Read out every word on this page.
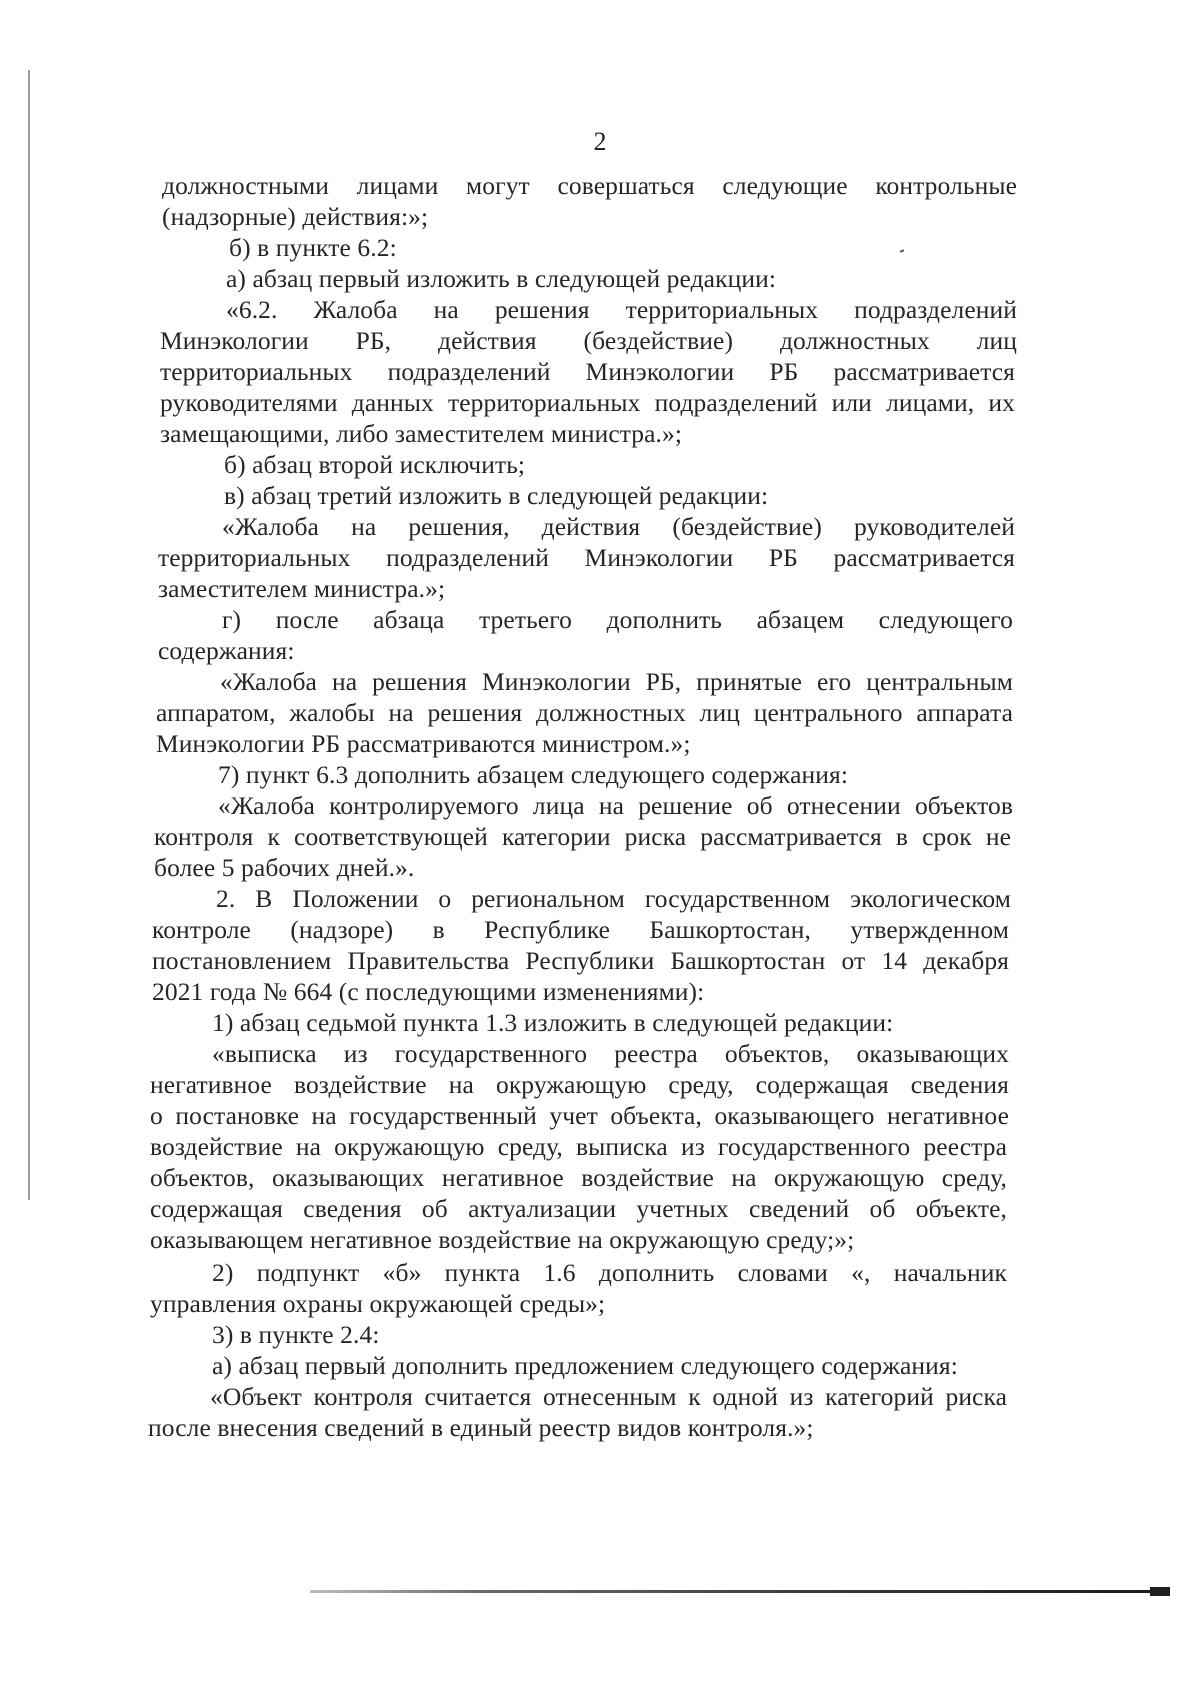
2
должностными лицами могут совершаться следующие контрольные
(надзорные) действия:»;
б) в пункте 6.2:
а) абзац первый изложить в следующей редакции:
«6.2. Жалоба на решения территориальных подразделений
Минэкологии РБ, действия (бездействие) должностных лиц
территориальных подразделений Минэкологии РБ рассматривается
руководителями данных территориальных подразделений или лицами, их
замещающими, либо заместителем министра.»;
б) абзац второй исключить;
в) абзац третий изложить в следующей редакции:
«Жалоба на решения, действия (бездействие) руководителей
территориальных подразделений Минэкологии РБ рассматривается
заместителем министра.»;
г) после абзаца третьего дополнить абзацем следующего
содержания:
«Жалоба на решения Минэкологии РБ, принятые его центральным
аппаратом, жалобы на решения должностных лиц центрального аппарата
Минэкологии РБ рассматриваются министром.»;
7) пункт 6.3 дополнить абзацем следующего содержания:
«Жалоба контролируемого лица на решение об отнесении объектов
контроля к соответствующей категории риска рассматривается в срок не
более 5 рабочих дней.».
2. В Положении о региональном государственном экологическом
контроле (надзоре) в Республике Башкортостан, утвержденном
постановлением Правительства Республики Башкортостан от 14 декабря
2021 года № 664 (с последующими изменениями):
1) абзац седьмой пункта 1.3 изложить в следующей редакции:
«выписка из государственного реестра объектов, оказывающих
негативное воздействие на окружающую среду, содержащая сведения
о постановке на государственный учет объекта, оказывающего негативное
воздействие на окружающую среду, выписка из государственного реестра
объектов, оказывающих негативное воздействие на окружающую среду,
содержащая сведения об актуализации учетных сведений об объекте,
оказывающем негативное воздействие на окружающую среду;»;
2) подпункт «б» пункта 1.6 дополнить словами «, начальник
управления охраны окружающей среды»;
3) в пункте 2.4:
а) абзац первый дополнить предложением следующего содержания:
«Объект контроля считается отнесенным к одной из категорий риска
после внесения сведений в единый реестр видов контроля.»;
